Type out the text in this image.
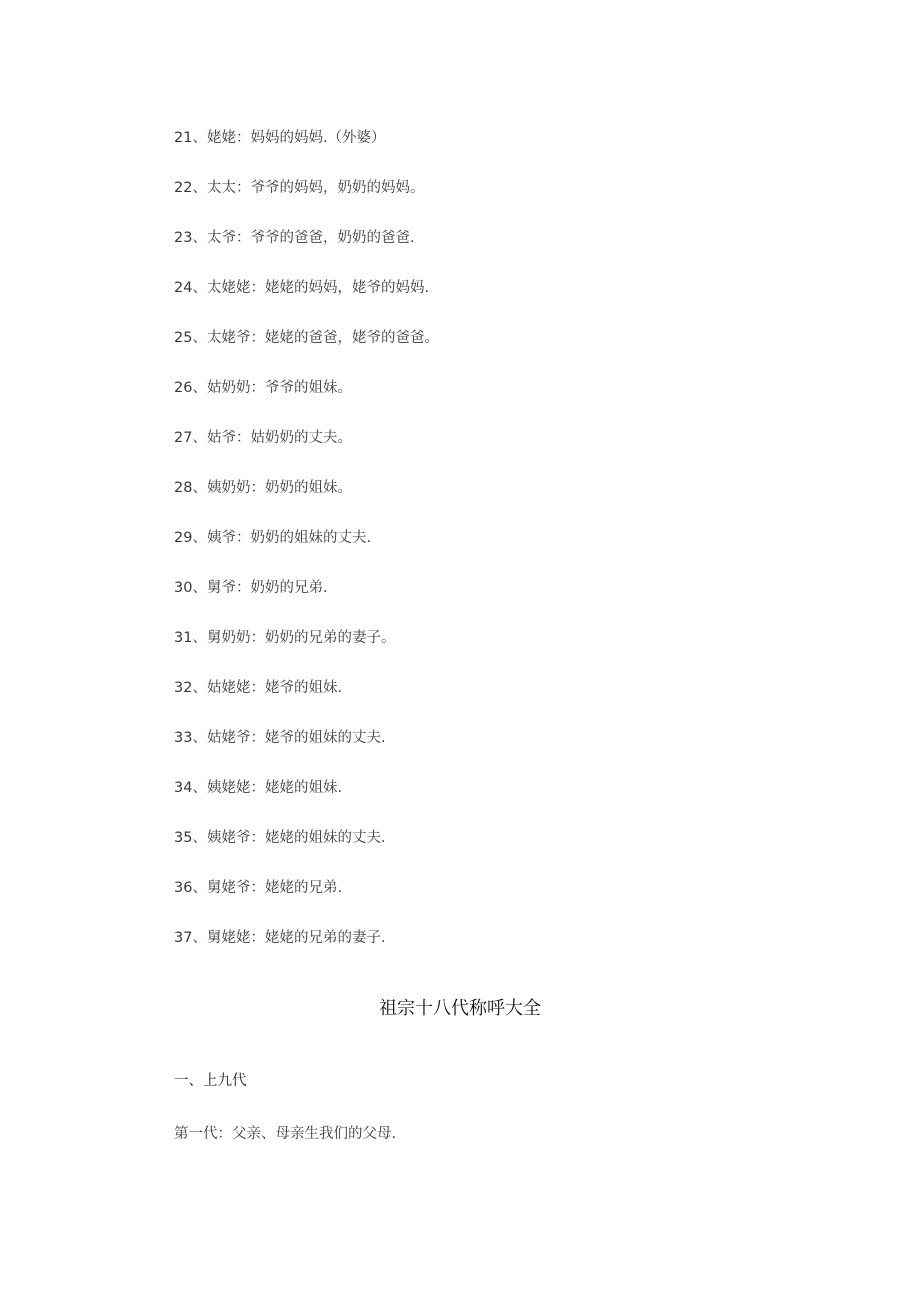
21、姥姥：妈妈的妈妈.（外婆）
22、太太：爷爷的妈妈，奶奶的妈妈。
23、太爷：爷爷的爸爸，奶奶的爸爸.
24、太姥姥：姥姥的妈妈，姥爷的妈妈.
25、太姥爷：姥姥的爸爸，姥爷的爸爸。
26、姑奶奶：爷爷的姐妹。
27、姑爷：姑奶奶的丈夫。
28、姨奶奶：奶奶的姐妹。
29、姨爷：奶奶的姐妹的丈夫.
30、舅爷：奶奶的兄弟.
31、舅奶奶：奶奶的兄弟的妻子。
32、姑姥姥：姥爷的姐妹.
33、姑姥爷：姥爷的姐妹的丈夫.
34、姨姥姥：姥姥的姐妹.
35、姨姥爷：姥姥的姐妹的丈夫.
36、舅姥爷：姥姥的兄弟.
37、舅姥姥：姥姥的兄弟的妻子.
祖宗十八代称呼大全
一、上九代

第一代：父亲、母亲生我们的父母.
